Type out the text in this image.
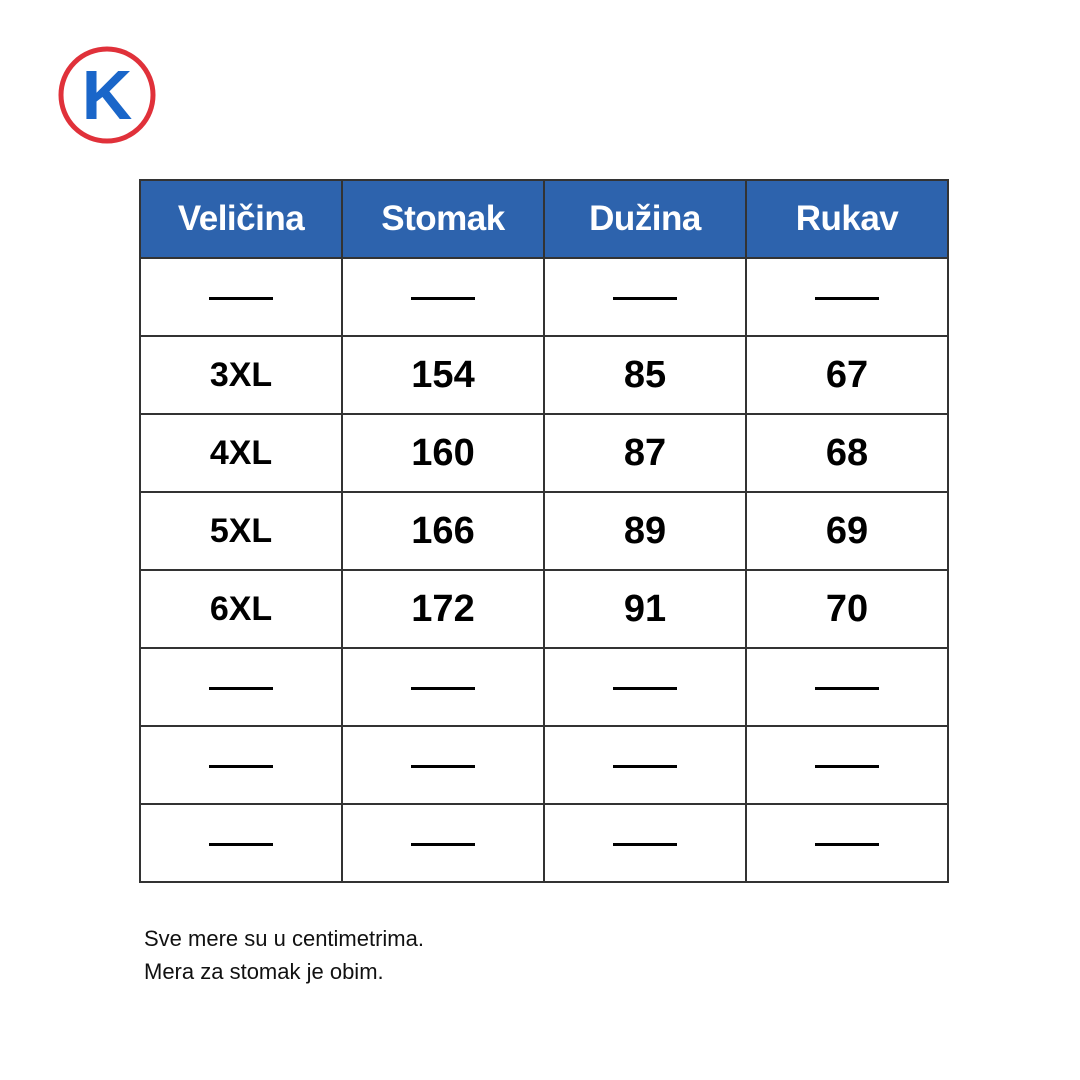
K
Veličina	Stomak	Dužina	Rukav

3XL	154	85	67
4XL	160	87	68
5XL	166	89	69
6XL	172	91	70

Sve mere su u centimetrima.
Mera za stomak je obim.
